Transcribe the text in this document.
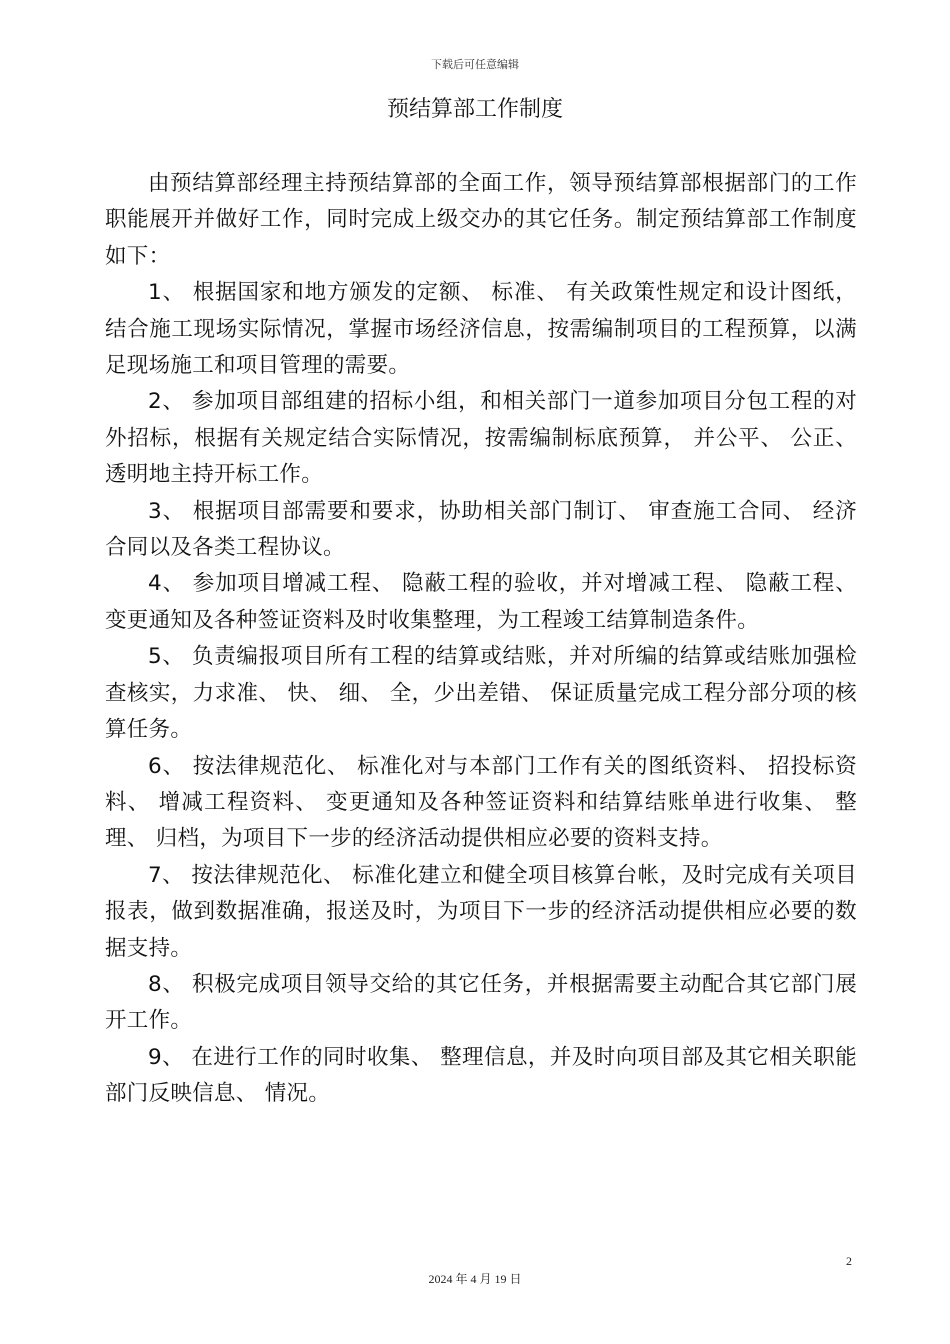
下载后可任意编辑
预结算部工作制度

由预结算部经理主持预结算部的全面工作，领导预结算部根据部门的工作职能展开并做好工作，同时完成上级交办的其它任务。制定预结算部工作制度如下：

1、 根据国家和地方颁发的定额、 标准、 有关政策性规定和设计图纸，结合施工现场实际情况，掌握市场经济信息，按需编制项目的工程预算，以满足现场施工和项目管理的需要。

2、 参加项目部组建的招标小组，和相关部门一道参加项目分包工程的对外招标，根据有关规定结合实际情况，按需编制标底预算， 并公平、 公正、 透明地主持开标工作。

3、 根据项目部需要和要求，协助相关部门制订、 审查施工合同、 经济合同以及各类工程协议。

4、 参加项目增减工程、 隐蔽工程的验收，并对增减工程、 隐蔽工程、 变更通知及各种签证资料及时收集整理，为工程竣工结算制造条件。

5、 负责编报项目所有工程的结算或结账，并对所编的结算或结账加强检查核实，力求准、 快、 细、 全，少出差错、 保证质量完成工程分部分项的核算任务。

6、 按法律规范化、 标准化对与本部门工作有关的图纸资料、 招投标资料、 增减工程资料、 变更通知及各种签证资料和结算结账单进行收集、 整理、 归档，为项目下一步的经济活动提供相应必要的资料支持。

7、 按法律规范化、 标准化建立和健全项目核算台帐，及时完成有关项目报表，做到数据准确，报送及时，为项目下一步的经济活动提供相应必要的数据支持。

8、 积极完成项目领导交给的其它任务，并根据需要主动配合其它部门展开工作。

9、 在进行工作的同时收集、 整理信息，并及时向项目部及其它相关职能部门反映信息、 情况。

2
2024 年 4 月 19 日
